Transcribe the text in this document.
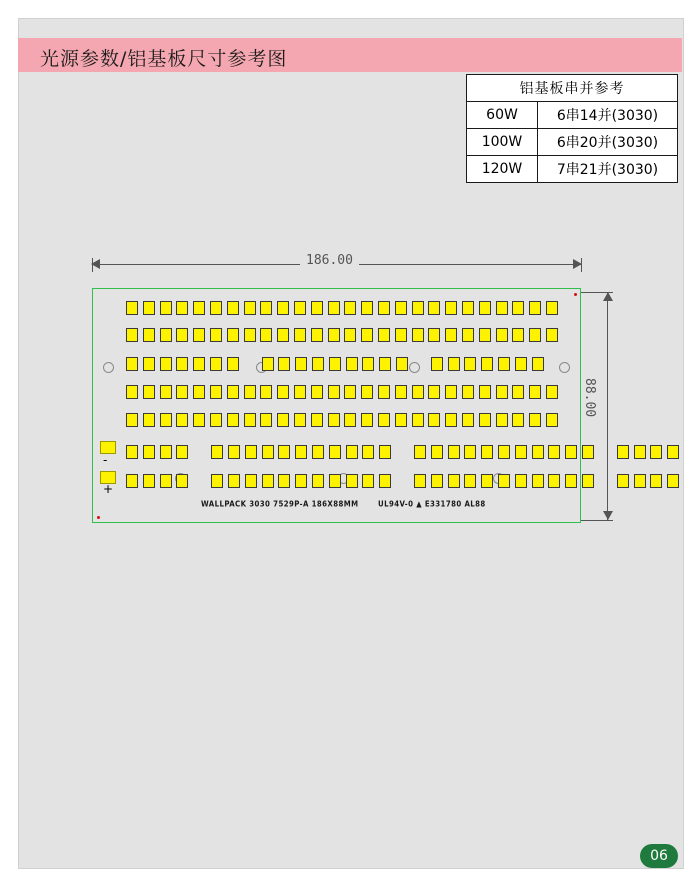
光源参数/铝基板尺寸参考图
铝基板串并参考	
60W	6串14并(3030)
100W	6串20并(3030)
120W	7串21并(3030)
186.00
88.00
-
+
WALLPACK 3030 7529P-A 186X88MM	UL94V-0 ▲ E331780 AL88
06
